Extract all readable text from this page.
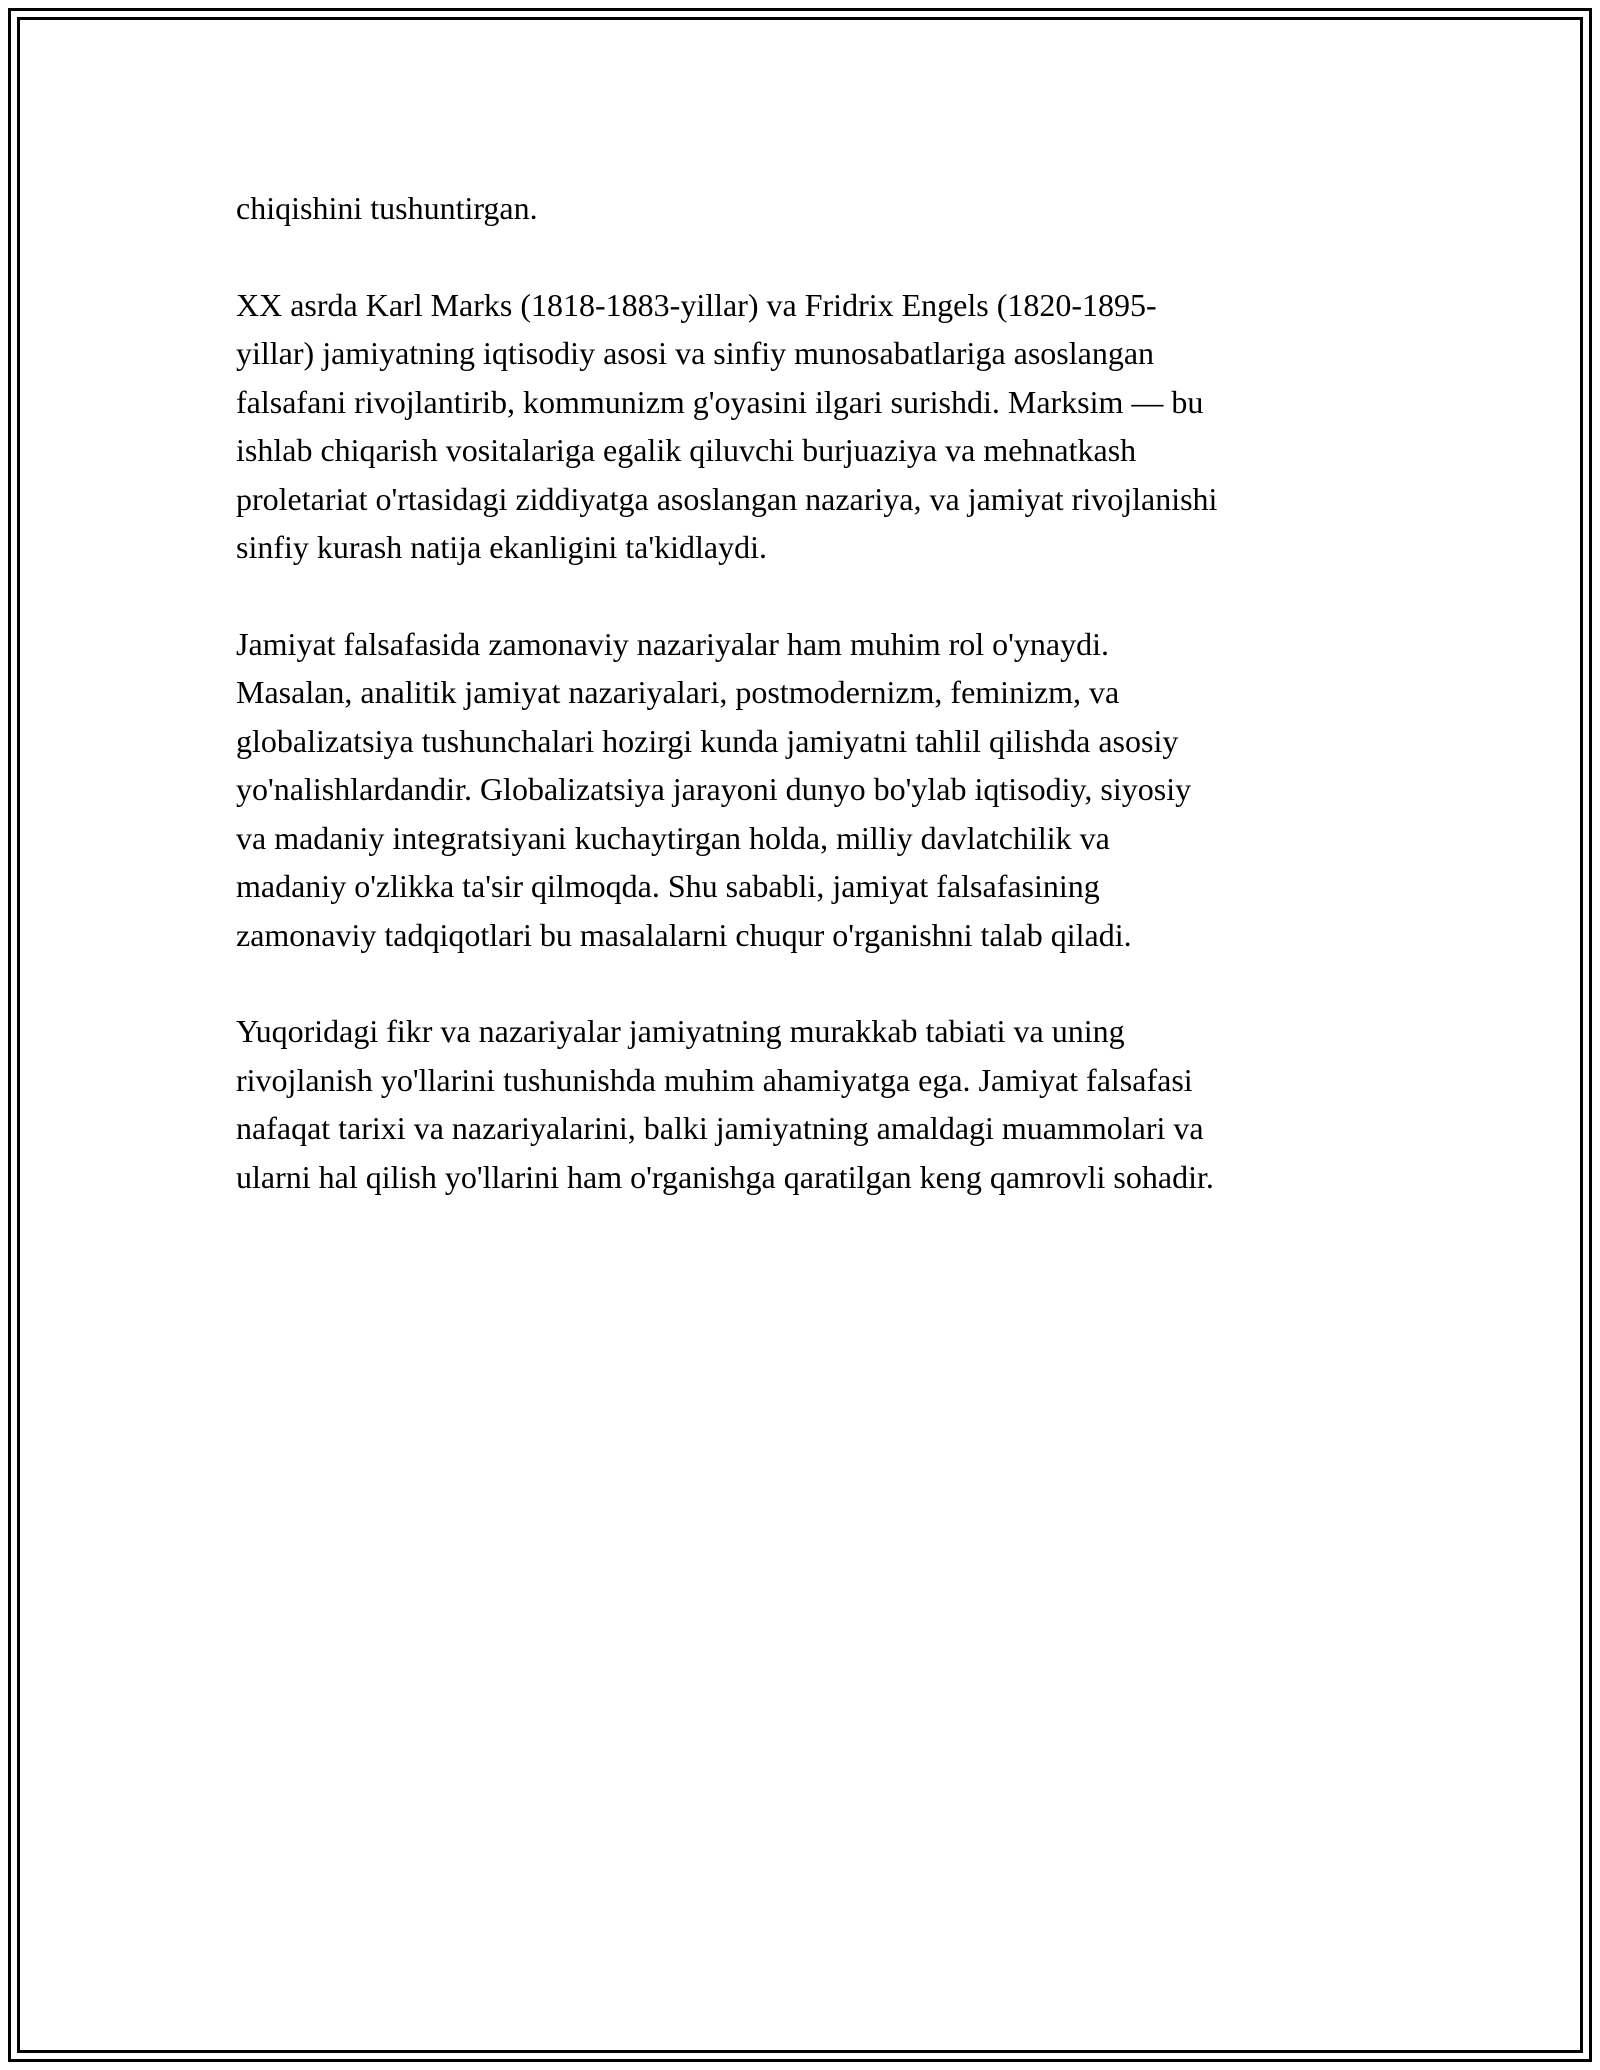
chiqishini tushuntirgan.

XX asrda Karl Marks (1818-1883-yillar) va Fridrix Engels (1820-1895-
yillar) jamiyatning iqtisodiy asosi va sinfiy munosabatlariga asoslangan
falsafani rivojlantirib, kommunizm g'oyasini ilgari surishdi. Marksim — bu
ishlab chiqarish vositalariga egalik qiluvchi burjuaziya va mehnatkash
proletariat o'rtasidagi ziddiyatga asoslangan nazariya, va jamiyat rivojlanishi
sinfiy kurash natija ekanligini ta'kidlaydi.

Jamiyat falsafasida zamonaviy nazariyalar ham muhim rol o'ynaydi.
Masalan, analitik jamiyat nazariyalari, postmodernizm, feminizm, va
globalizatsiya tushunchalari hozirgi kunda jamiyatni tahlil qilishda asosiy
yo'nalishlardandir. Globalizatsiya jarayoni dunyo bo'ylab iqtisodiy, siyosiy
va madaniy integratsiyani kuchaytirgan holda, milliy davlatchilik va
madaniy o'zlikka ta'sir qilmoqda. Shu sababli, jamiyat falsafasining
zamonaviy tadqiqotlari bu masalalarni chuqur o'rganishni talab qiladi.

Yuqoridagi fikr va nazariyalar jamiyatning murakkab tabiati va uning
rivojlanish yo'llarini tushunishda muhim ahamiyatga ega. Jamiyat falsafasi
nafaqat tarixi va nazariyalarini, balki jamiyatning amaldagi muammolari va
ularni hal qilish yo'llarini ham o'rganishga qaratilgan keng qamrovli sohadir.
